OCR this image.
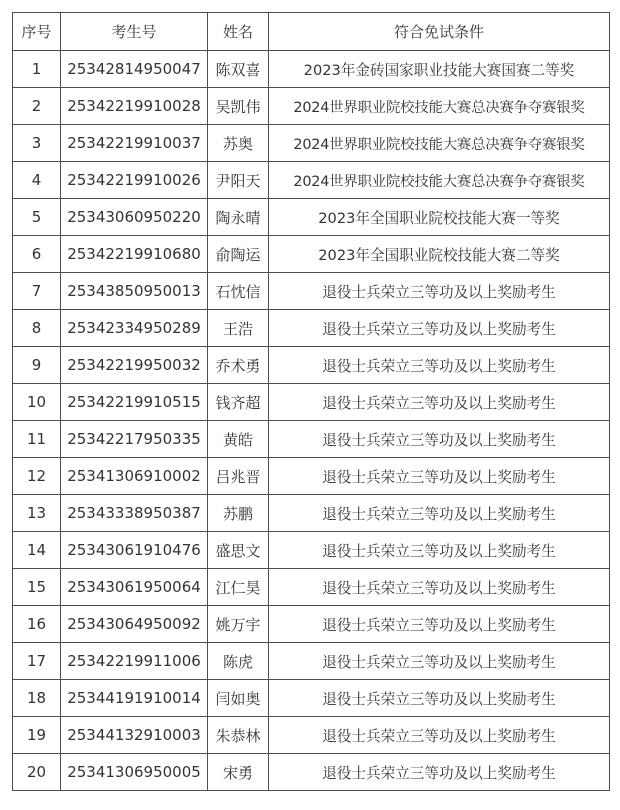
序号	考生号	姓名	符合免试条件
1	25342814950047	陈双喜	2023年金砖国家职业技能大赛国赛二等奖
2	25342219910028	吴凯伟	2024世界职业院校技能大赛总决赛争夺赛银奖
3	25342219910037	苏奥	2024世界职业院校技能大赛总决赛争夺赛银奖
4	25342219910026	尹阳天	2024世界职业院校技能大赛总决赛争夺赛银奖
5	25343060950220	陶永晴	2023年全国职业院校技能大赛一等奖
6	25342219910680	俞陶运	2023年全国职业院校技能大赛二等奖
7	25343850950013	石忱信	退役士兵荣立三等功及以上奖励考生
8	25342334950289	王浩	退役士兵荣立三等功及以上奖励考生
9	25342219950032	乔术勇	退役士兵荣立三等功及以上奖励考生
10	25342219910515	钱齐超	退役士兵荣立三等功及以上奖励考生
11	25342217950335	黄皓	退役士兵荣立三等功及以上奖励考生
12	25341306910002	吕兆晋	退役士兵荣立三等功及以上奖励考生
13	25343338950387	苏鹏	退役士兵荣立三等功及以上奖励考生
14	25343061910476	盛思文	退役士兵荣立三等功及以上奖励考生
15	25343061950064	江仁昊	退役士兵荣立三等功及以上奖励考生
16	25343064950092	姚万宇	退役士兵荣立三等功及以上奖励考生
17	25342219911006	陈虎	退役士兵荣立三等功及以上奖励考生
18	25344191910014	闫如奥	退役士兵荣立三等功及以上奖励考生
19	25344132910003	朱恭林	退役士兵荣立三等功及以上奖励考生
20	25341306950005	宋勇	退役士兵荣立三等功及以上奖励考生
